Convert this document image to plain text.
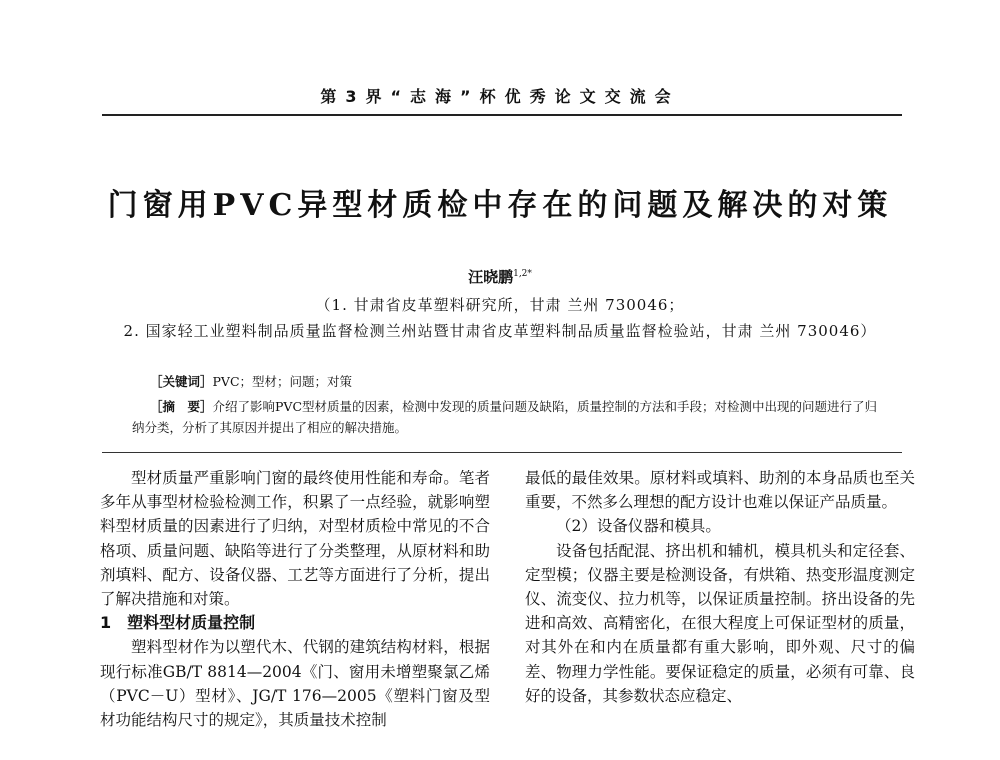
第3界“志海”杯优秀论文交流会
门窗用PVC异型材质检中存在的问题及解决的对策
汪晓鹏$^{1,2*}$
（1. 甘肃省皮革塑料研究所，甘肃 兰州 730046；
2. 国家轻工业塑料制品质量监督检测兰州站暨甘肃省皮革塑料制品质量监督检验站，甘肃 兰州 730046）
［关键词］PVC；型材；问题；对策
［摘　要］介绍了影响PVC型材质量的因素，检测中发现的质量问题及缺陷，质量控制的方法和手段；对检测中出现的问题进行了归纳分类，分析了其原因并提出了相应的解决措施。

型材质量严重影响门窗的最终使用性能和寿命。笔者多年从事型材检验检测工作，积累了一点经验，就影响塑料型材质量的因素进行了归纳，对型材质检中常见的不合格项、质量问题、缺陷等进行了分类整理，从原材料和助剂填料、配方、设备仪器、工艺等方面进行了分析，提出了解决措施和对策。

1　塑料型材质量控制

塑料型材作为以塑代木、代钢的建筑结构材料，根据现行标准GB/T 8814—2004《门、窗用未增塑聚氯乙烯（PVC－U）型材》、JG/T 176—2005《塑料门窗及型材功能结构尺寸的规定》，其质量技术控制

最低的最佳效果。原材料或填料、助剂的本身品质也至关重要，不然多么理想的配方设计也难以保证产品质量。

（2）设备仪器和模具。

设备包括配混、挤出机和辅机，模具机头和定径套、定型模；仪器主要是检测设备，有烘箱、热变形温度测定仪、流变仪、拉力机等，以保证质量控制。挤出设备的先进和高效、高精密化，在很大程度上可保证型材的质量，对其外在和内在质量都有重大影响，即外观、尺寸的偏差、物理力学性能。要保证稳定的质量，必须有可靠、良好的设备，其参数状态应稳定、
